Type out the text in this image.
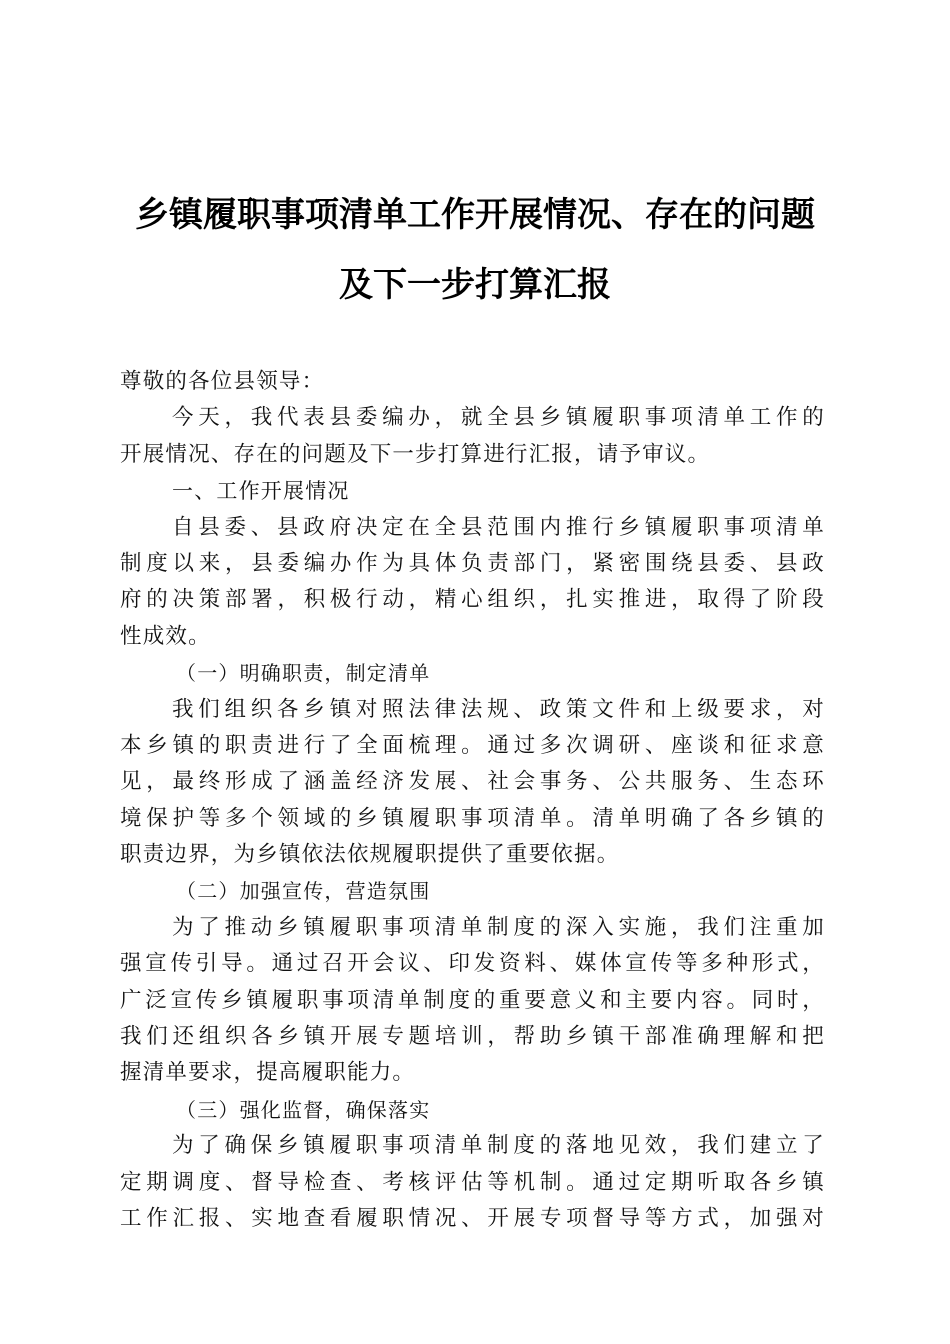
乡镇履职事项清单工作开展情况、存在的问题
及下一步打算汇报
尊敬的各位县领导：
今天，我代表县委编办，就全县乡镇履职事项清单工作的
开展情况、存在的问题及下一步打算进行汇报，请予审议。
一、工作开展情况
自县委、县政府决定在全县范围内推行乡镇履职事项清单
制度以来，县委编办作为具体负责部门，紧密围绕县委、县政
府的决策部署，积极行动，精心组织，扎实推进，取得了阶段
性成效。
（一）明确职责，制定清单
我们组织各乡镇对照法律法规、政策文件和上级要求，对
本乡镇的职责进行了全面梳理。通过多次调研、座谈和征求意
见，最终形成了涵盖经济发展、社会事务、公共服务、生态环
境保护等多个领域的乡镇履职事项清单。清单明确了各乡镇的
职责边界，为乡镇依法依规履职提供了重要依据。
（二）加强宣传，营造氛围
为了推动乡镇履职事项清单制度的深入实施，我们注重加
强宣传引导。通过召开会议、印发资料、媒体宣传等多种形式，
广泛宣传乡镇履职事项清单制度的重要意义和主要内容。同时，
我们还组织各乡镇开展专题培训，帮助乡镇干部准确理解和把
握清单要求，提高履职能力。
（三）强化监督，确保落实
为了确保乡镇履职事项清单制度的落地见效，我们建立了
定期调度、督导检查、考核评估等机制。通过定期听取各乡镇
工作汇报、实地查看履职情况、开展专项督导等方式，加强对
